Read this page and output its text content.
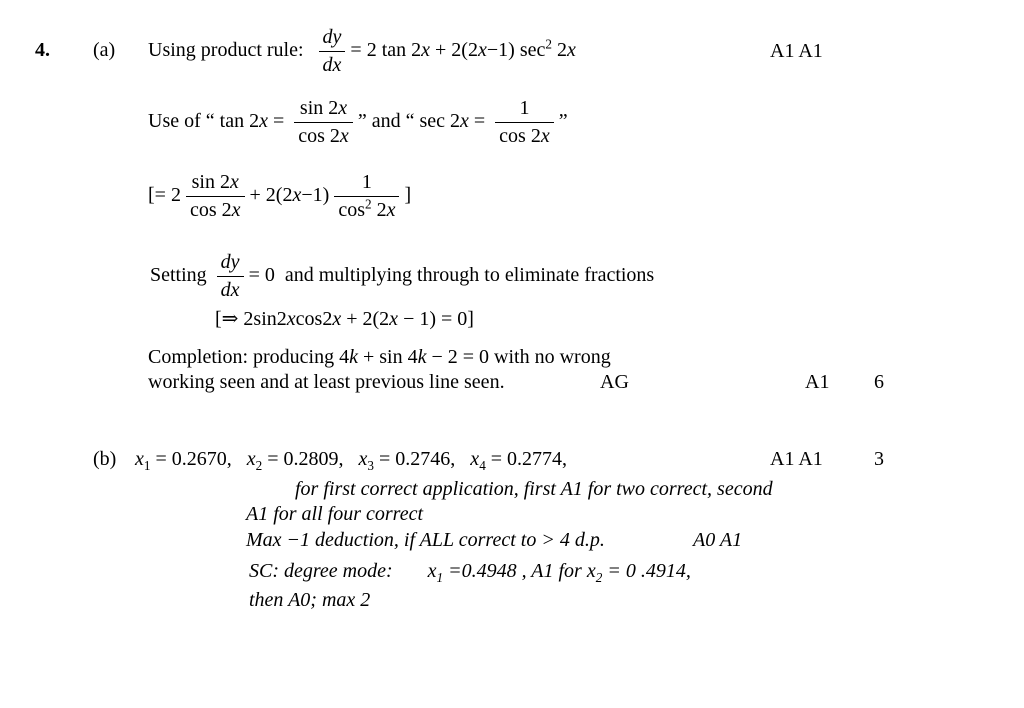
4. (a) Using product rule: $\frac{dy}{dx} = 2$ tan 2x + 2(2x−1) $\sec^2 2x$	A1 A1
Use of “ $\tan 2x = \frac{\sin 2x}{\cos 2x}$ ” and “ $\sec 2x = \frac{1}{\cos 2x}$ ”
[= $2 \frac{\sin 2x}{\cos 2x} + 2(2x-1) \frac{1}{\cos^2 2x}$ ]
Setting $\frac{dy}{dx} = 0$  and multiplying through to eliminate fractions
[⇒ 2sin2xcos2x + 2(2x − 1) = 0]
Completion: producing 4k + sin 4k − 2 = 0 with no wrong
working seen and at least previous line seen.	AG	A1 6
(b) $x_1 = 0.2670$,   $x_2 = 0.2809$,   $x_3 = 0.2746$,   $x_4 = 0.2774$,	A1 A1	3
for first correct application, first A1 for two correct, second
A1 for all four correct
Max −1 deduction, if ALL correct to > 4 d.p.	A0 A1
SC: degree mode:       $x_1 =0.4948$ , A1 for $x_2 = 0$ .4914,
then A0; max 2
